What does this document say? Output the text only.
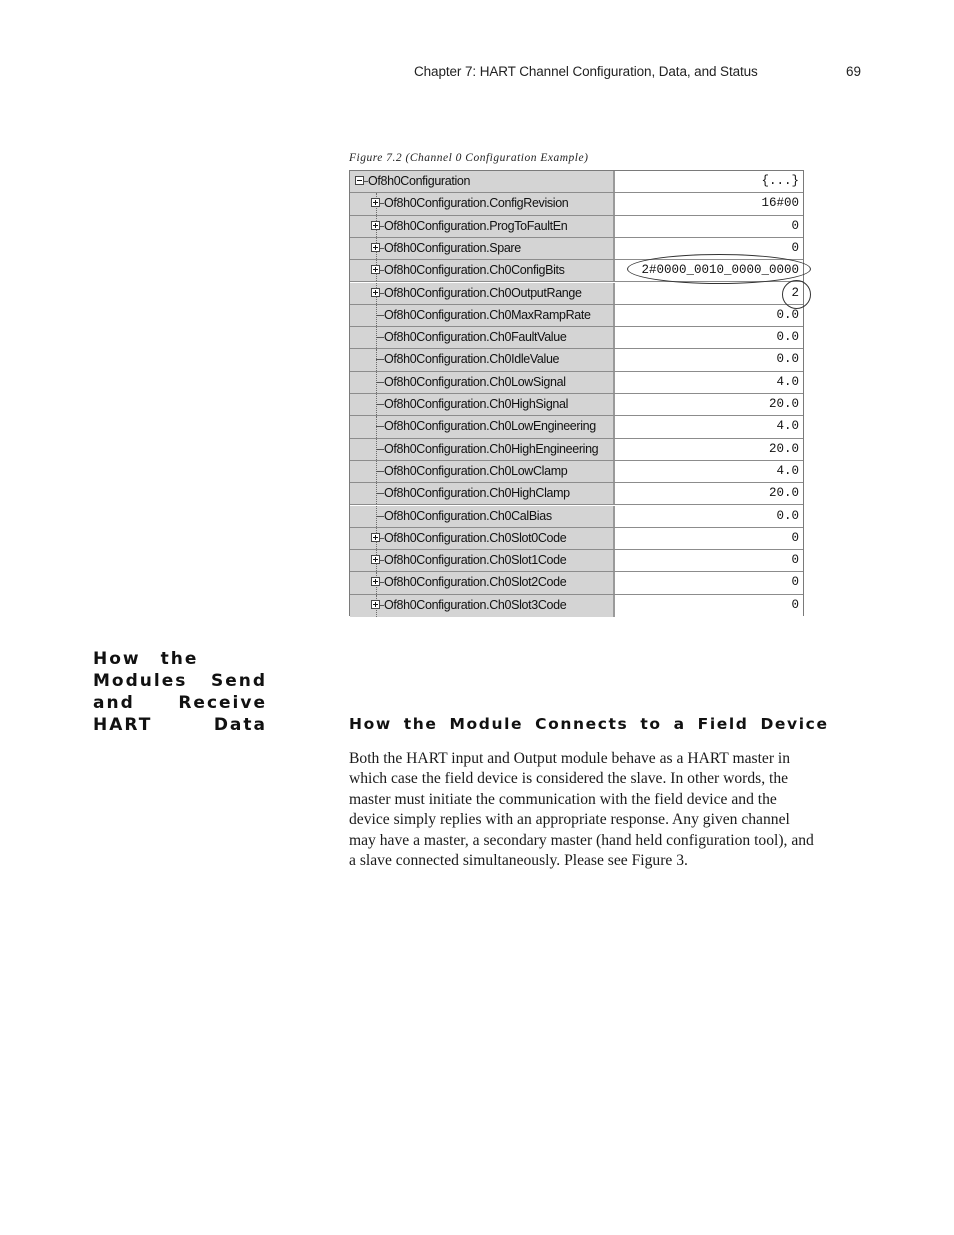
Chapter 7: HART Channel Configuration, Data, and Status	69
Figure 7.2 (Channel 0 Configuration Example)
Of8h0Configuration	{...}
Of8h0Configuration.ConfigRevision	16#00
Of8h0Configuration.ProgToFaultEn	0
Of8h0Configuration.Spare	0
Of8h0Configuration.Ch0ConfigBits	2#0000_0010_0000_0000
Of8h0Configuration.Ch0OutputRange	2
Of8h0Configuration.Ch0MaxRampRate	0.0
Of8h0Configuration.Ch0FaultValue	0.0
Of8h0Configuration.Ch0IdleValue	0.0
Of8h0Configuration.Ch0LowSignal	4.0
Of8h0Configuration.Ch0HighSignal	20.0
Of8h0Configuration.Ch0LowEngineering	4.0
Of8h0Configuration.Ch0HighEngineering	20.0
Of8h0Configuration.Ch0LowClamp	4.0
Of8h0Configuration.Ch0HighClamp	20.0
Of8h0Configuration.Ch0CalBias	0.0
Of8h0Configuration.Ch0Slot0Code	0
Of8h0Configuration.Ch0Slot1Code	0
Of8h0Configuration.Ch0Slot2Code	0
Of8h0Configuration.Ch0Slot3Code	0
How the
Modules Send
and	Receive
HART	Data	How the Module Connects to a Field Device
Both the HART input and Output module behave as a HART master in
which case the field device is considered the slave. In other words, the
master must initiate the communication with the field device and the
device simply replies with an appropriate response. Any given channel
may have a master, a secondary master (hand held configuration tool), and
a slave connected simultaneously. Please see Figure 3.
